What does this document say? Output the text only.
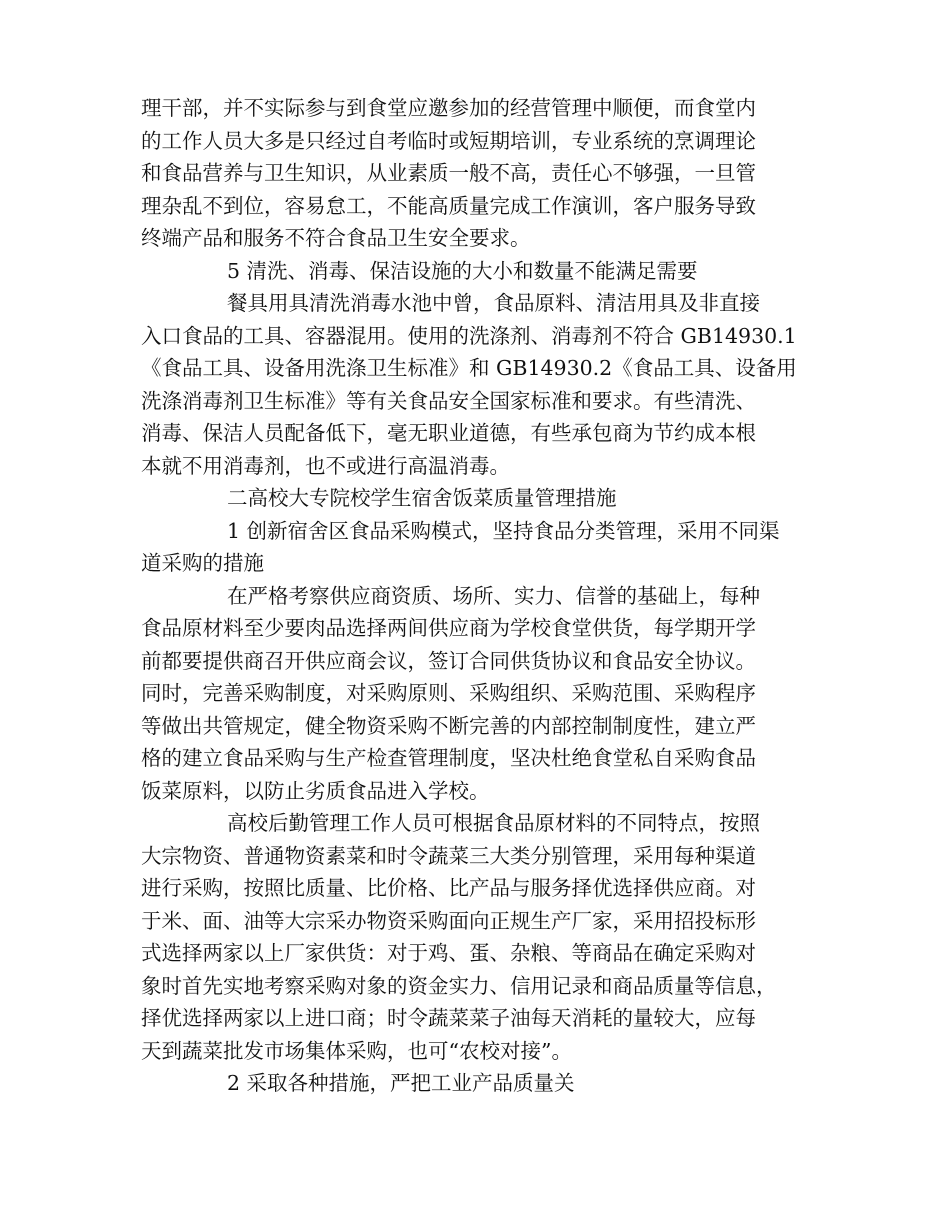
理干部，并不实际参与到食堂应邀参加的经营管理中顺便，而食堂内
的工作人员大多是只经过自考临时或短期培训，专业系统的烹调理论
和食品营养与卫生知识，从业素质一般不高，责任心不够强，一旦管
理杂乱不到位，容易怠工，不能高质量完成工作演训，客户服务导致
终端产品和服务不符合食品卫生安全要求。
5 清洗、消毒、保洁设施的大小和数量不能满足需要
餐具用具清洗消毒水池中曾，食品原料、清洁用具及非直接
入口食品的工具、容器混用。使用的洗涤剂、消毒剂不符合 GB14930.1
《食品工具、设备用洗涤卫生标准》和 GB14930.2《食品工具、设备用
洗涤消毒剂卫生标准》等有关食品安全国家标准和要求。有些清洗、
消毒、保洁人员配备低下，毫无职业道德，有些承包商为节约成本根
本就不用消毒剂，也不或进行高温消毒。
二高校大专院校学生宿舍饭菜质量管理措施
1 创新宿舍区食品采购模式，坚持食品分类管理，采用不同渠
道采购的措施
在严格考察供应商资质、场所、实力、信誉的基础上，每种
食品原材料至少要肉品选择两间供应商为学校食堂供货，每学期开学
前都要提供商召开供应商会议，签订合同供货协议和食品安全协议。
同时，完善采购制度，对采购原则、采购组织、采购范围、采购程序
等做出共管规定，健全物资采购不断完善的内部控制制度性，建立严
格的建立食品采购与生产检查管理制度，坚决杜绝食堂私自采购食品
饭菜原料，以防止劣质食品进入学校。
高校后勤管理工作人员可根据食品原材料的不同特点，按照
大宗物资、普通物资素菜和时令蔬菜三大类分别管理，采用每种渠道
进行采购，按照比质量、比价格、比产品与服务择优选择供应商。对
于米、面、油等大宗采办物资采购面向正规生产厂家，采用招投标形
式选择两家以上厂家供货：对于鸡、蛋、杂粮、等商品在确定采购对
象时首先实地考察采购对象的资金实力、信用记录和商品质量等信息，
择优选择两家以上进口商；时令蔬菜菜子油每天消耗的量较大，应每
天到蔬菜批发市场集体采购，也可“农校对接”。
2 采取各种措施，严把工业产品质量关
